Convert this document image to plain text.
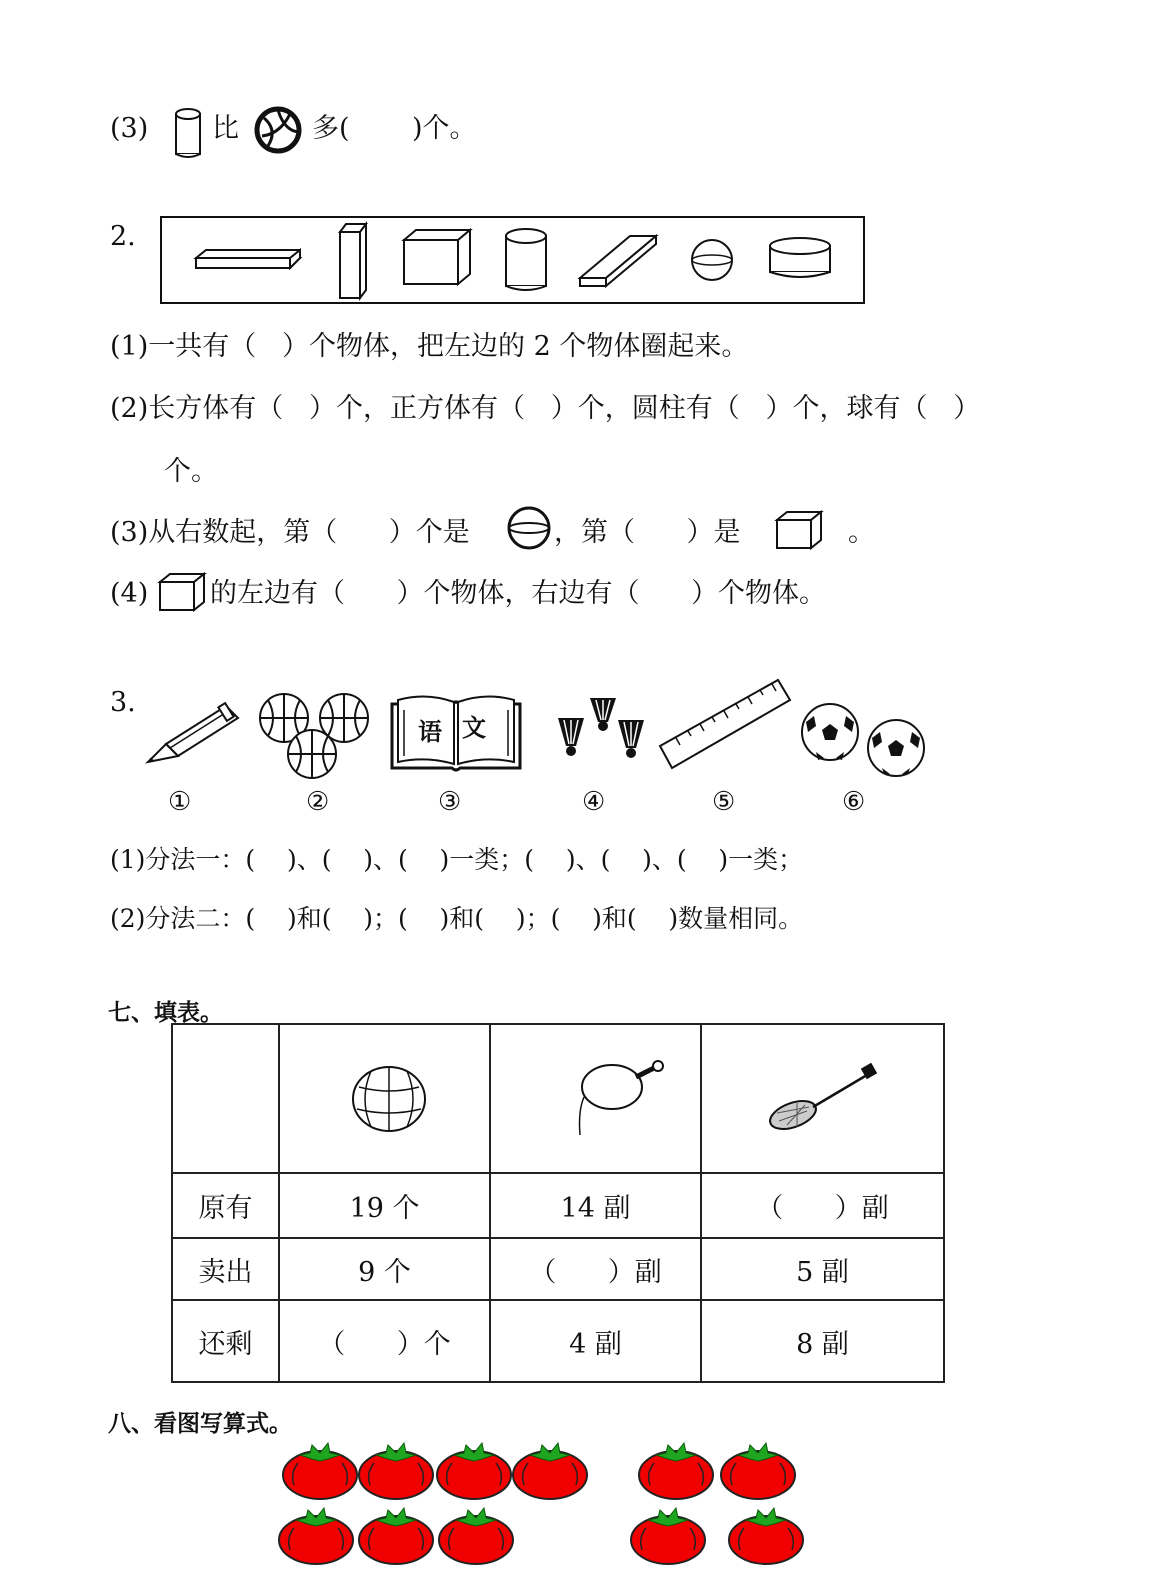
(3) 比	多( )个。
2.
(1)一共有（   ）个物体，把左边的 2 个物体圈起来。
(2)长方体有（   ）个，正方体有（   ）个，圆柱有（   ）个，球有（   ）
个。
(3)从右数起，第（      ）个是	，第（      ）是	。
(4) 的左边有（      ）个物体，右边有（      ）个物体。
3.
语 文
①	②	③	④	⑤	⑥
(1)分法一：(    )、(    )、(    )一类；(    )、(    )、(    )一类；
(2)分法二：(    )和(    )；(    )和(    )；(    )和(    )数量相同。
七、填表。

原有	19 个	14 副	（      ）副
卖出	9 个	（      ）副	5 副
还剩	（      ）个	4 副	8 副
八、看图写算式。
